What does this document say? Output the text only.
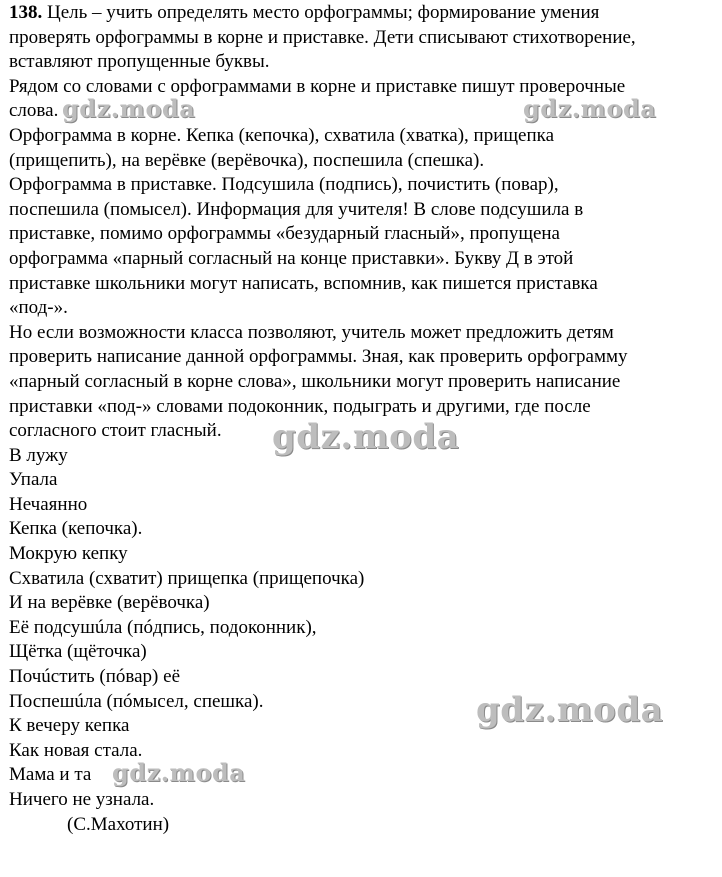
138. Цель – учить определять место орфограммы; формирование умения
проверять орфограммы в корне и приставке. Дети списывают стихотворение,
вставляют пропущенные буквы.
Рядом со словами с орфограммами в корне и приставке пишут проверочные
слова.
Орфограмма в корне. Кепка (кепочка), схватила (хватка), прищепка
(прищепить), на верёвке (верёвочка), поспешила (спешка).
Орфограмма в приставке. Подсушила (подпись), почистить (повар),
поспешила (помысел). Информация для учителя! В слове подсушила в
приставке, помимо орфограммы «безударный гласный», пропущена
орфограмма «парный согласный на конце приставки». Букву Д в этой
приставке школьники могут написать, вспомнив, как пишется приставка
«под-».
Но если возможности класса позволяют, учитель может предложить детям
проверить написание данной орфограммы. Зная, как проверить орфограмму
«парный согласный в корне слова», школьники могут проверить написание
приставки «под-» словами подоконник, подыграть и другими, где после
согласного стоит гласный.
В лужу
Упала
Нечаянно
Кепка (кепочка).
Мокрую кепку
Схватила (схватит) прищепка (прищепочка)
И на верёвке (верёвочка)
Её подсушúла (пóдпись, подоконник),
Щётка (щёточка)
Почúстить (пóвар) её
Поспешúла (пóмысел, спешка).
К вечеру кепка
Как новая стала.
Мама и та
Ничего не узнала.
(С.Махотин)
gdz.moda	gdz.moda
gdz.moda
gdz.moda
gdz.moda
